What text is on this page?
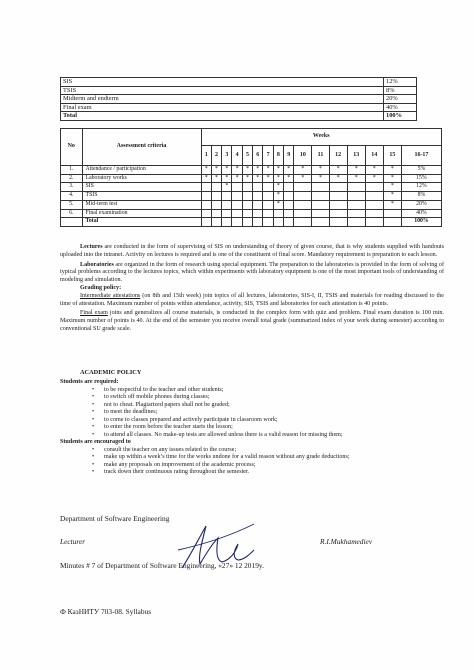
SIS	12%
TSIS	8%
Midterm and endterm	20%
Final exam	40%
Total	100%
No	Assessment criteria	Weeks															
		1	2	3	4	5	6	7	8	9	10	11	12	13	14	15	16-17
1.	Attendance / participation	*	*	*	*	*	*	*	*	*	*	*	*	*	*	*	5%
2.	Laboratory works	*	*	*	*	*	*	*	*	*	*	*	*	*	*	*	15%
3.	SIS			*					*							*	12%
4.	TSIS								*							*	8%
5.	Mid-term test								*							*	20%
6.	Final examination																40%
	Total																100%

Lectures are conducted in the form of supervising of SIS on understanding of theory of given course, that is why students supplied with handouts uploaded into the intranet. Activity on lectures is required and is one of the constituent of final score. Mandatory requirement is preparation to each lesson.

Laboratories are organized in the form of research using special equipment. The preparation to the laboratories is provided in the form of solving of typical problems according to the lectures topics, which within experiments with laboratory equipment is one of the most important tools of understanding of modeling and simulation.

Grading policy:

Intermediate attestations (on 8th and 15th week) join topics of all lectures, laboratories, SIS-I, II, TSIS and materials for reading discussed to the time of attestation. Maximum number of points within attendance, activity, SIS, TSIS and laboratories for each attestation is 40 points.

Final exam joins and generalizes all course materials, is conducted in the complex form with quiz and problem. Final exam duration is 100 min. Maximum number of points is 40. At the end of the semester you receive overall total grade (summarized index of your work during semester) according to conventional SU grade scale.

ACADEMIC POLICY

Students are required:

• to be respectful to the teacher and other students;
• to switch off mobile phones during classes;
• not to cheat. Plagiarized papers shall not be graded;
• to meet the deadlines;
• to come to classes prepared and actively participate in classroom work;
• to enter the room before the teacher starts the lesson;
• to attend all classes. No make-up tests are allowed unless there is a valid reason for missing them;

Students are encouraged to

• consult the teacher on any issues related to the course;
• make up within a week’s time for the works undone for a valid reason without any grade deductions;
• make any proposals on improvement of the academic process;
• track down their continuous rating throughout the semester.
Department of Software Engineering
Lecturer	R.I.Mukhamediev
Minutes # 7 of Department of Software Engineering, «27» 12 2019y.
Ф КазНИТУ 703-08. Syllabus
